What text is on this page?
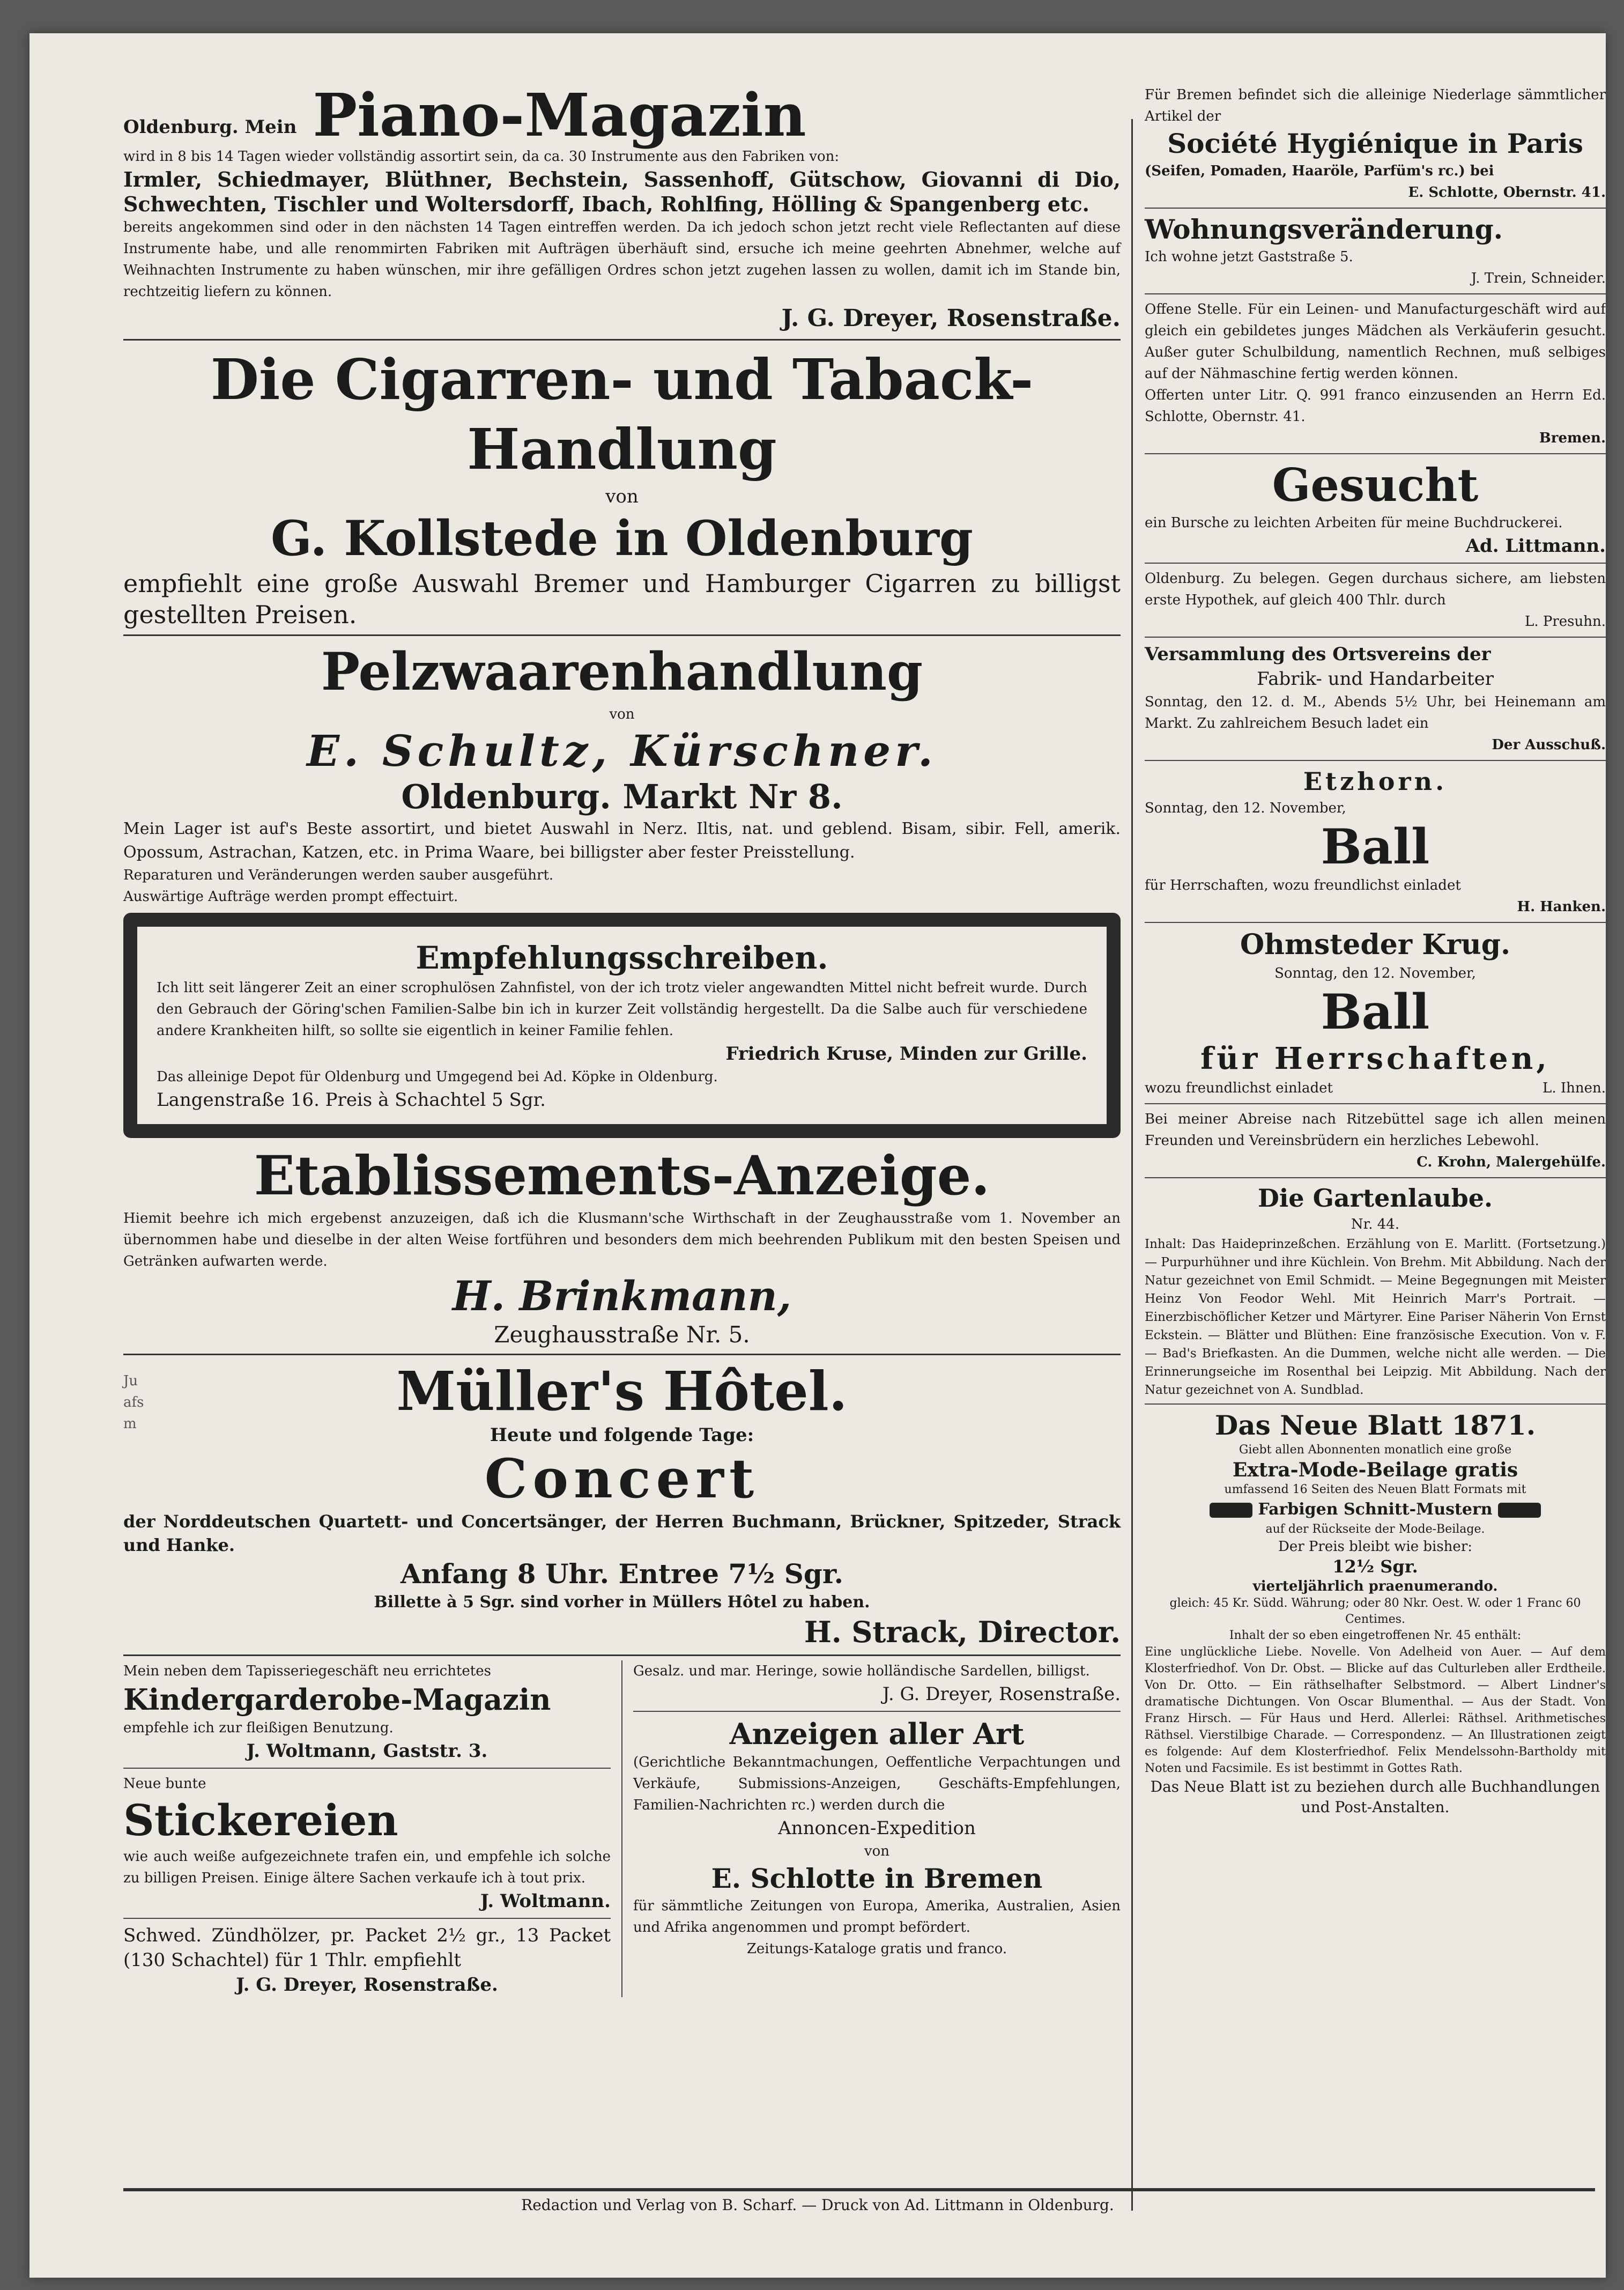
Oldenburg. Mein Piano-Magazin

wird in 8 bis 14 Tagen wieder vollständig assortirt sein, da ca. 30 Instrumente aus den Fabriken von:

Irmler, Schiedmayer, Blüthner, Bechstein, Sassenhoff, Gütschow, Giovanni di Dio, Schwechten, Tischler und Woltersdorff, Ibach, Rohlfing, Hölling & Spangenberg etc.

bereits angekommen sind oder in den nächsten 14 Tagen eintreffen werden. Da ich jedoch schon jetzt recht viele Reflectanten auf diese Instrumente habe, und alle renommirten Fabriken mit Aufträgen überhäuft sind, ersuche ich meine geehrten Abnehmer, welche auf Weihnachten Instrumente zu haben wünschen, mir ihre gefälligen Ordres schon jetzt zugehen lassen zu wollen, damit ich im Stande bin, rechtzeitig liefern zu können.

J. G. Dreyer, Rosenstraße.

Die Cigarren- und Taback-Handlung

von

G. Kollstede in Oldenburg

empfiehlt eine große Auswahl Bremer und Hamburger Cigarren zu billigst gestellten Preisen.

Pelzwaarenhandlung

von

E. Schultz, Kürschner.

Oldenburg. Markt Nr 8.

Mein Lager ist auf's Beste assortirt, und bietet Auswahl in Nerz. Iltis, nat. und geblend. Bisam, sibir. Fell, amerik. Opossum, Astrachan, Katzen, etc. in Prima Waare, bei billigster aber fester Preisstellung.

Reparaturen und Veränderungen werden sauber ausgeführt.

Auswärtige Aufträge werden prompt effectuirt.

Empfehlungsschreiben.

Ich litt seit längerer Zeit an einer scrophulösen Zahnfistel, von der ich trotz vieler angewandten Mittel nicht befreit wurde. Durch den Gebrauch der Göring'schen Familien-Salbe bin ich in kurzer Zeit vollständig hergestellt. Da die Salbe auch für verschiedene andere Krankheiten hilft, so sollte sie eigentlich in keiner Familie fehlen.

Friedrich Kruse, Minden zur Grille.

Das alleinige Depot für Oldenburg und Umgegend bei Ad. Köpke in Oldenburg.

Langenstraße 16. Preis à Schachtel 5 Sgr.

Etablissements-Anzeige.

Hiemit beehre ich mich ergebenst anzuzeigen, daß ich die Klusmann'sche Wirthschaft in der Zeughausstraße vom 1. November an übernommen habe und dieselbe in der alten Weise fortführen und besonders dem mich beehrenden Publikum mit den besten Speisen und Getränken aufwarten werde.

H. Brinkmann,

Zeughausstraße Nr. 5.

Ju afs m

Müller's Hôtel.

Heute und folgende Tage:

Concert

der Norddeutschen Quartett- und Concertsänger, der Herren Buchmann, Brückner, Spitzeder, Strack und Hanke.

Anfang 8 Uhr. Entree 7½ Sgr.

Billette à 5 Sgr. sind vorher in Müllers Hôtel zu haben.

H. Strack, Director.

Mein neben dem Tapisseriegeschäft neu errichtetes

Kindergarderobe-Magazin

empfehle ich zur fleißigen Benutzung.

J. Woltmann, Gaststr. 3.

Neue bunte

Stickereien

wie auch weiße aufgezeichnete trafen ein, und empfehle ich solche zu billigen Preisen. Einige ältere Sachen verkaufe ich à tout prix.

J. Woltmann.

Schwed. Zündhölzer, pr. Packet 2½ gr., 13 Packet (130 Schachtel) für 1 Thlr. empfiehlt

J. G. Dreyer, Rosenstraße.

Gesalz. und mar. Heringe, sowie holländische Sardellen, billigst.

J. G. Dreyer, Rosenstraße.

Anzeigen aller Art

(Gerichtliche Bekanntmachungen, Oeffentliche Verpachtungen und Verkäufe, Submissions-Anzeigen, Geschäfts-Empfehlungen, Familien-Nachrichten rc.) werden durch die

Annoncen-Expedition

von

E. Schlotte in Bremen

für sämmtliche Zeitungen von Europa, Amerika, Australien, Asien und Afrika angenommen und prompt befördert.

Zeitungs-Kataloge gratis und franco.

Für Bremen befindet sich die alleinige Niederlage sämmtlicher Artikel der

Société Hygiénique in Paris

(Seifen, Pomaden, Haaröle, Parfüm's rc.) bei

E. Schlotte, Obernstr. 41.

Wohnungsveränderung.

Ich wohne jetzt Gaststraße 5.

J. Trein, Schneider.

Offene Stelle. Für ein Leinen- und Manufacturgeschäft wird auf gleich ein gebildetes junges Mädchen als Verkäuferin gesucht. Außer guter Schulbildung, namentlich Rechnen, muß selbiges auf der Nähmaschine fertig werden können.

Offerten unter Litr. Q. 991 franco einzusenden an Herrn Ed. Schlotte, Obernstr. 41.

Bremen.

Gesucht

ein Bursche zu leichten Arbeiten für meine Buchdruckerei.

Ad. Littmann.

Oldenburg. Zu belegen. Gegen durchaus sichere, am liebsten erste Hypothek, auf gleich 400 Thlr. durch

L. Presuhn.

Versammlung des Ortsvereins der

Fabrik- und Handarbeiter

Sonntag, den 12. d. M., Abends 5½ Uhr, bei Heinemann am Markt. Zu zahlreichem Besuch ladet ein

Der Ausschuß.

Etzhorn.

Sonntag, den 12. November,

Ball

für Herrschaften, wozu freundlichst einladet

H. Hanken.

Ohmsteder Krug.

Sonntag, den 12. November,

Ball

für Herrschaften,

wozu freundlichst einladet	L. Ihnen.

Bei meiner Abreise nach Ritzebüttel sage ich allen meinen Freunden und Vereinsbrüdern ein herzliches Lebewohl.

C. Krohn, Malergehülfe.

Die Gartenlaube.

Nr. 44.

Inhalt: Das Haideprinzeßchen. Erzählung von E. Marlitt. (Fortsetzung.) — Purpurhühner und ihre Küchlein. Von Brehm. Mit Abbildung. Nach der Natur gezeichnet von Emil Schmidt. — Meine Begegnungen mit Meister Heinz Von Feodor Wehl. Mit Heinrich Marr's Portrait. — Einerzbischöflicher Ketzer und Märtyrer. Eine Pariser Näherin Von Ernst Eckstein. — Blätter und Blüthen: Eine französische Execution. Von v. F. — Bad's Briefkasten. An die Dummen, welche nicht alle werden. — Die Erinnerungseiche im Rosenthal bei Leipzig. Mit Abbildung. Nach der Natur gezeichnet von A. Sundblad.

Das Neue Blatt 1871.

Giebt allen Abonnenten monatlich eine große

Extra-Mode-Beilage gratis

umfassend 16 Seiten des Neuen Blatt Formats mit

Farbigen Schnitt-Mustern

auf der Rückseite der Mode-Beilage.

Der Preis bleibt wie bisher:

12½ Sgr.

vierteljährlich praenumerando.

gleich: 45 Kr. Südd. Währung; oder 80 Nkr. Oest. W. oder 1 Franc 60 Centimes.

Inhalt der so eben eingetroffenen Nr. 45 enthält:

Eine unglückliche Liebe. Novelle. Von Adelheid von Auer. — Auf dem Klosterfriedhof. Von Dr. Obst. — Blicke auf das Culturleben aller Erdtheile. Von Dr. Otto. — Ein räthselhafter Selbstmord. — Albert Lindner's dramatische Dichtungen. Von Oscar Blumenthal. — Aus der Stadt. Von Franz Hirsch. — Für Haus und Herd. Allerlei: Räthsel. Arithmetisches Räthsel. Vierstilbige Charade. — Correspondenz. — An Illustrationen zeigt es folgende: Auf dem Klosterfriedhof. Felix Mendelssohn-Bartholdy mit Noten und Facsimile. Es ist bestimmt in Gottes Rath.

Das Neue Blatt ist zu beziehen durch alle Buchhandlungen und Post-Anstalten.

Redaction und Verlag von B. Scharf. — Druck von Ad. Littmann in Oldenburg.
